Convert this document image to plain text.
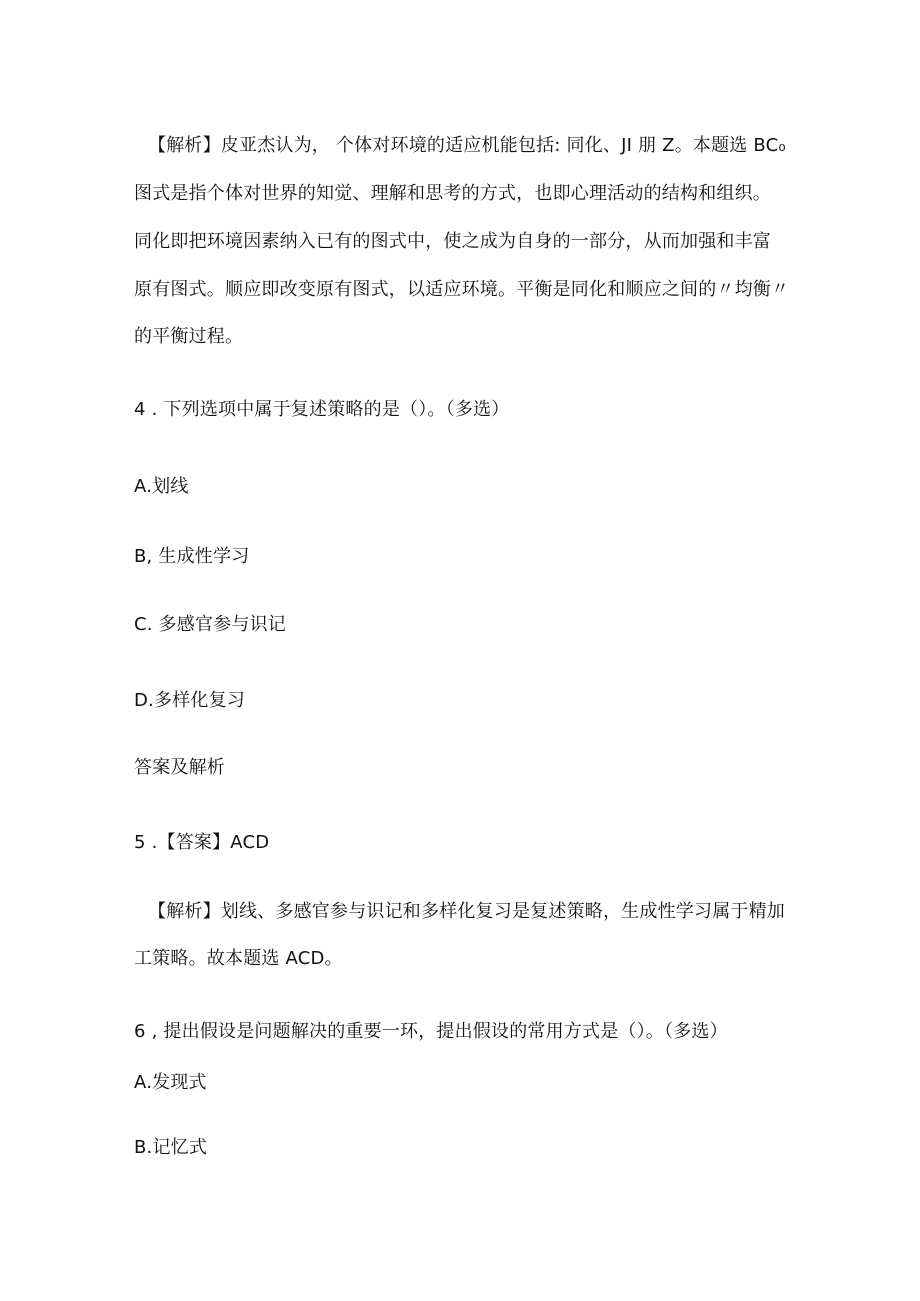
【解析】皮亚杰认为， 个体对环境的适应机能包括: 同化、JI 朋 Z。本题选 BC₀
图式是指个体对世界的知觉、理解和思考的方式，也即心理活动的结构和组织。
同化即把环境因素纳入已有的图式中，使之成为自身的一部分，从而加强和丰富
原有图式。顺应即改变原有图式，以适应环境。平衡是同化和顺应之间的〃均衡〃
的平衡过程。
4 . 下列选项中属于复述策略的是（）。（多选）
A.划线
B, 生成性学习
C. 多感官参与识记
D.多样化复习
答案及解析
5 .【答案】ACD
【解析】划线、多感官参与识记和多样化复习是复述策略，生成性学习属于精加
工策略。故本题选 ACD。
6 , 提出假设是问题解决的重要一环，提出假设的常用方式是（）。（多选）
A.发现式
B.记忆式
